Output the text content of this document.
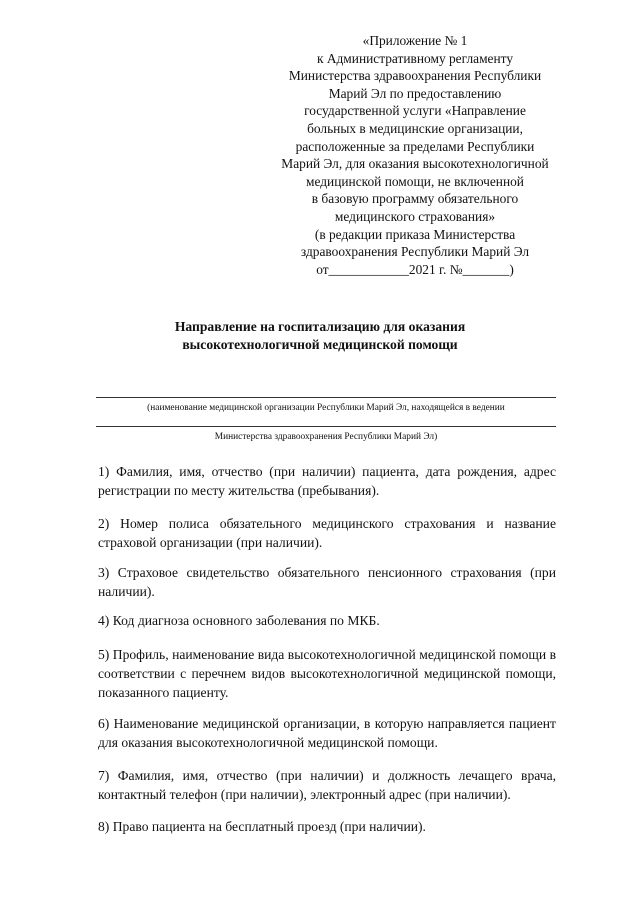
«Приложение № 1
к Административному регламенту
Министерства здравоохранения Республики
Марий Эл по предоставлению
государственной услуги «Направление
больных в медицинские организации,
расположенные за пределами Республики
Марий Эл, для оказания высокотехнологичной
медицинской помощи, не включенной
в базовую программу обязательного
медицинского страхования»
(в редакции приказа Министерства
здравоохранения Республики Марий Эл
от____________2021 г. №_______)
Направление на госпитализацию для оказания
высокотехнологичной медицинской помощи
(наименование медицинской организации Республики Марий Эл, находящейся в ведении
Министерства здравоохранения Республики Марий Эл)

1) Фамилия, имя, отчество (при наличии) пациента, дата рождения, адрес регистрации по месту жительства (пребывания).

2) Номер полиса обязательного медицинского страхования и название страховой организации (при наличии).

3) Страховое свидетельство обязательного пенсионного страхования (при наличии).

4) Код диагноза основного заболевания по МКБ.

5) Профиль, наименование вида высокотехнологичной медицинской помощи в соответствии с перечнем видов высокотехнологичной медицинской помощи, показанного пациенту.

6) Наименование медицинской организации, в которую направляется пациент для оказания высокотехнологичной медицинской помощи.

7) Фамилия, имя, отчество (при наличии) и должность лечащего врача, контактный телефон (при наличии), электронный адрес (при наличии).

8) Право пациента на бесплатный проезд (при наличии).
